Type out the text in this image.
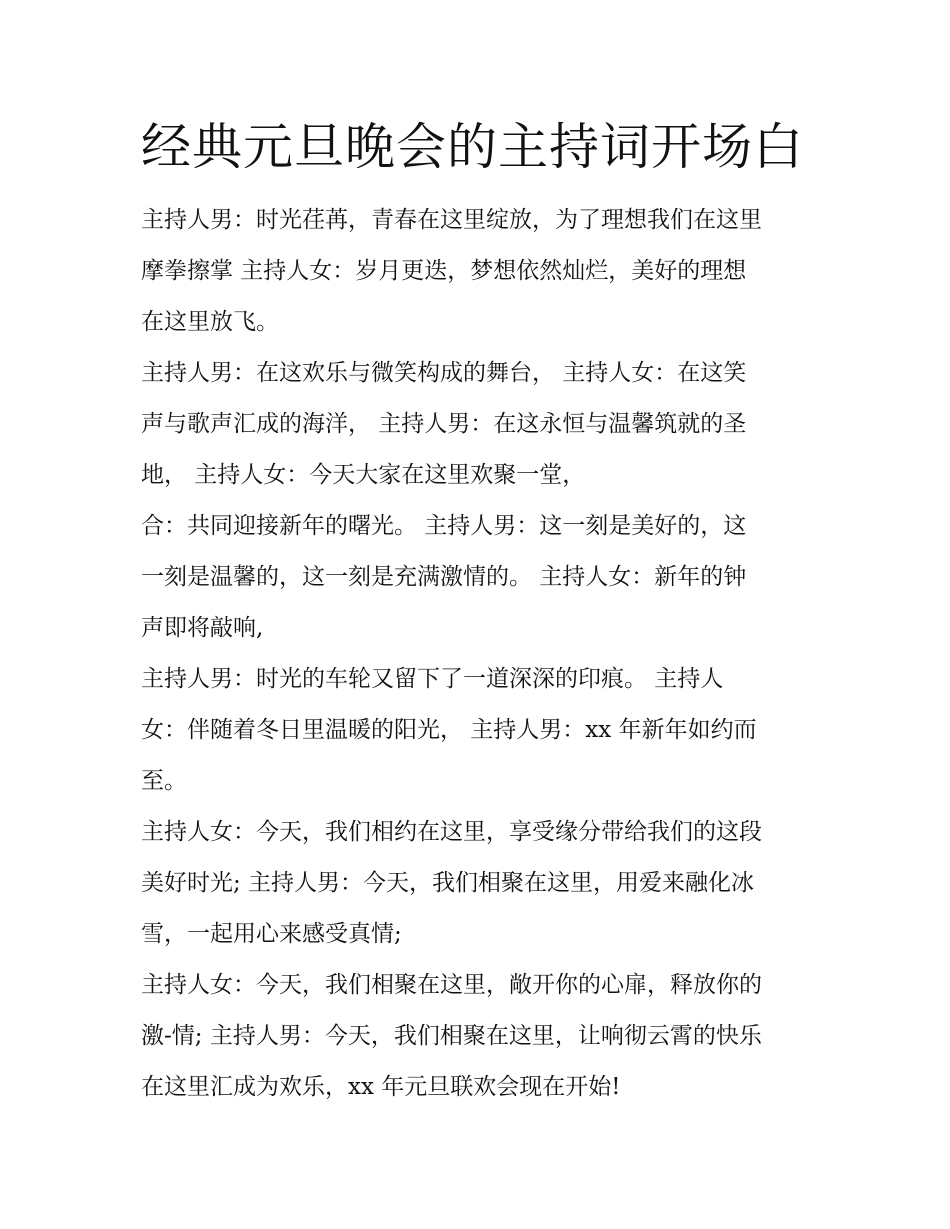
经典元旦晚会的主持词开场白

主持人男：时光荏苒，青春在这里绽放，为了理想我们在这里
摩拳擦掌 主持人女：岁月更迭，梦想依然灿烂，美好的理想
在这里放飞。

主持人男：在这欢乐与微笑构成的舞台， 主持人女：在这笑
声与歌声汇成的海洋， 主持人男：在这永恒与温馨筑就的圣
地， 主持人女：今天大家在这里欢聚一堂，

合：共同迎接新年的曙光。 主持人男：这一刻是美好的，这
一刻是温馨的，这一刻是充满激情的。 主持人女：新年的钟
声即将敲响,

主持人男：时光的车轮又留下了一道深深的印痕。 主持人
女：伴随着冬日里温暖的阳光， 主持人男：xx 年新年如约而
至。

主持人女：今天，我们相约在这里，享受缘分带给我们的这段
美好时光; 主持人男：今天，我们相聚在这里，用爱来融化冰
雪，一起用心来感受真情;

主持人女：今天，我们相聚在这里，敞开你的心扉，释放你的
激-情; 主持人男：今天，我们相聚在这里，让响彻云霄的快乐
在这里汇成为欢乐，xx 年元旦联欢会现在开始!
